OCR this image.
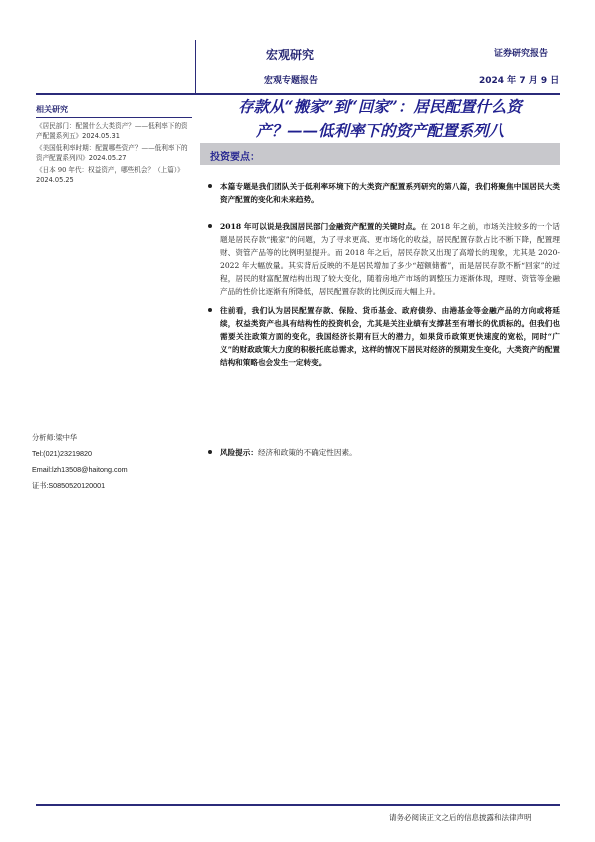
宏观研究
宏观专题报告
证券研究报告
2024 年 7 月 9 日
存款从“搬家”到“回家”：居民配置什么资
产？——低利率下的资产配置系列八
投资要点：
相关研究
《居民部门：配置什么大类资产？——低利率下的资产配置系列五》2024.05.31
《美国低利率时期：配置哪些资产？——低利率下的资产配置系列四》2024.05.27
《日本 90 年代：权益资产，哪些机会？（上篇）》2024.05.25
分析师:梁中华
Tel:(021)23219820
Email:lzh13508@haitong.com
证书:S0850520120001
本篇专题是我们团队关于低利率环境下的大类资产配置系列研究的第八篇，我们将聚焦中国居民大类资产配置的变化和未来趋势。
2018 年可以说是我国居民部门金融资产配置的关键时点。在 2018 年之前，市场关注较多的一个话题是居民存款“搬家”的问题，为了寻求更高、更市场化的收益，居民配置存款占比不断下降，配置理财、资管产品等的比例明显提升。而 2018 年之后，居民存款又出现了高增长的现象，尤其是 2020-2022 年大幅放量。其实背后反映的不是居民增加了多少“超额储蓄”，而是居民存款不断“回家”的过程，居民的财富配置结构出现了较大变化，随着房地产市场的调整压力逐渐体现，理财、资管等金融产品的性价比逐渐有所降低，居民配置存款的比例反而大幅上升。
往前看，我们认为居民配置存款、保险、货币基金、政府债券、由港基金等金融产品的方向或将延续，权益类资产也具有结构性的投资机会，尤其是关注业绩有支撑甚至有增长的优质标的。但我们也需要关注政策方面的变化，我国经济长期有巨大的潜力，如果货币政策更快速度的宽松，同时“广义”的财政政策大力度的积极托底总需求，这样的情况下居民对经济的预期发生变化，大类资产的配置结构和策略也会发生一定转变。
风险提示：经济和政策的不确定性因素。
请务必阅读正文之后的信息披露和法律声明
